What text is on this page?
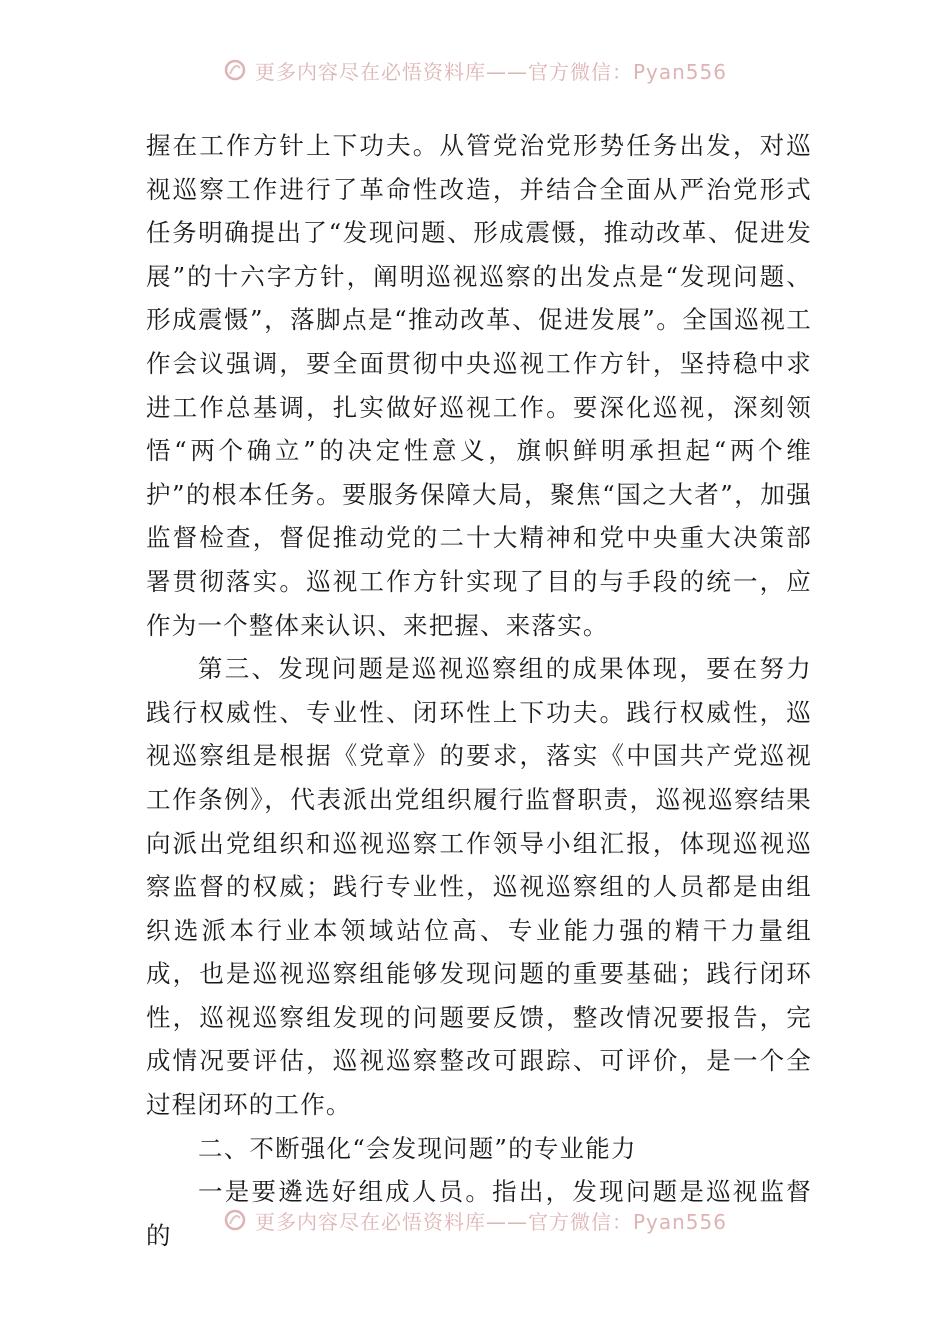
更多内容尽在必悟资料库——官方微信：Pyan556

握在工作方针上下功夫。从管党治党形势任务出发，对巡视巡察工作进行了革命性改造，并结合全面从严治党形式任务明确提出了“发现问题、形成震慑，推动改革、促进发展”的十六字方针，阐明巡视巡察的出发点是“发现问题、形成震慑”，落脚点是“推动改革、促进发展”。全国巡视工作会议强调，要全面贯彻中央巡视工作方针，坚持稳中求进工作总基调，扎实做好巡视工作。要深化巡视，深刻领悟“两个确立”的决定性意义，旗帜鲜明承担起“两个维护”的根本任务。要服务保障大局，聚焦“国之大者”，加强监督检查，督促推动党的二十大精神和党中央重大决策部署贯彻落实。巡视工作方针实现了目的与手段的统一，应作为一个整体来认识、来把握、来落实。

第三、发现问题是巡视巡察组的成果体现，要在努力践行权威性、专业性、闭环性上下功夫。践行权威性，巡视巡察组是根据《党章》的要求，落实《中国共产党巡视工作条例》，代表派出党组织履行监督职责，巡视巡察结果向派出党组织和巡视巡察工作领导小组汇报，体现巡视巡察监督的权威；践行专业性，巡视巡察组的人员都是由组织选派本行业本领域站位高、专业能力强的精干力量组成，也是巡视巡察组能够发现问题的重要基础；践行闭环性，巡视巡察组发现的问题要反馈，整改情况要报告，完成情况要评估，巡视巡察整改可跟踪、可评价，是一个全过程闭环的工作。

二、不断强化“会发现问题”的专业能力

一是要遴选好组成人员。指出，发现问题是巡视监督的	更多内容尽在必悟资料库——官方微信：Pyan556
